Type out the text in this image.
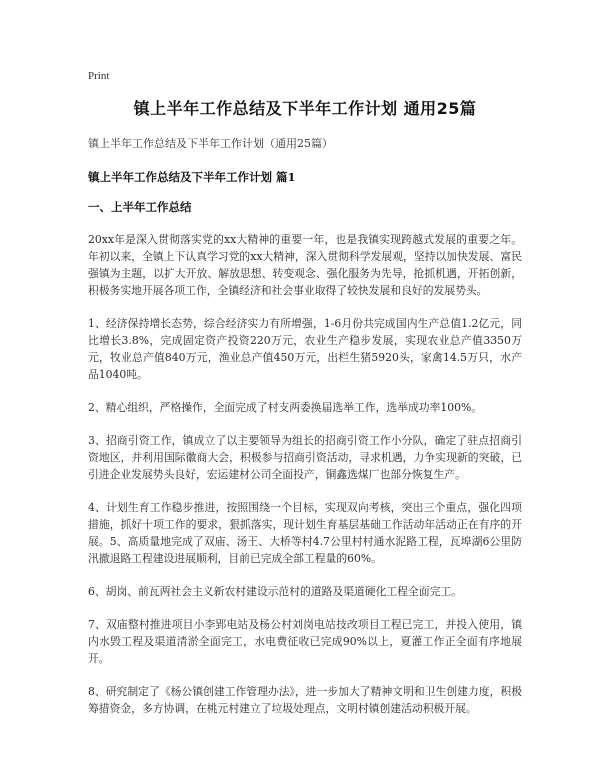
Print
镇上半年工作总结及下半年工作计划 通用25篇
镇上半年工作总结及下半年工作计划（通用25篇）
镇上半年工作总结及下半年工作计划 篇1
一、上半年工作总结
20xx年是深入贯彻落实党的xx大精神的重要一年，也是我镇实现跨越式发展的重要之年。年初以来，全镇上下认真学习党的xx大精神，深入贯彻科学发展观，坚持以加快发展、富民强镇为主题，以扩大开放、解放思想、转变观念、强化服务为先导，抢抓机遇，开拓创新，积极务实地开展各项工作，全镇经济和社会事业取得了较快发展和良好的发展势头。
1、经济保持增长态势，综合经济实力有所增强，1-6月份共完成国内生产总值1.2亿元，同比增长3.8%，完成固定资产投资220万元，农业生产稳步发展，实现农业总产值3350万元，牧业总产值840万元，渔业总产值450万元，出栏生猪5920头，家禽14.5万只，水产品1040吨。
2、精心组织，严格操作，全面完成了村支两委换届选举工作，选举成功率100%。
3、招商引资工作，镇成立了以主要领导为组长的招商引资工作小分队，确定了驻点招商引资地区，并利用国际徽商大会，积极参与招商引资活动，寻求机遇，力争实现新的突破，已引进企业发展势头良好，宏运建材公司全面投产，铜鑫选煤厂也部分恢复生产。
4、计划生育工作稳步推进，按照围绕一个目标，实现双向考核，突出三个重点，强化四项措施，抓好十项工作的要求，狠抓落实，现计划生育基层基础工作活动年活动正在有序的开展。5、高质量地完成了双庙、汤王、大桥等村4.7公里村村通水泥路工程，瓦埠湖6公里防汛撤退路工程建设进展顺利，目前已完成全部工程量的60%。
6、胡岗、前瓦两社会主义新农村建设示范村的道路及渠道硬化工程全面完工。
7、双庙整村推进项目小李郢电站及杨公村刘岗电站技改项目工程已完工，并投入使用，镇内水毁工程及渠道清淤全面完工，水电费征收已完成90%以上，夏灌工作正全面有序地展开。
8、研究制定了《杨公镇创建工作管理办法》，进一步加大了精神文明和卫生创建力度，积极筹措资金，多方协调，在桃元村建立了垃圾处理点，文明村镇创建活动积极开展。
